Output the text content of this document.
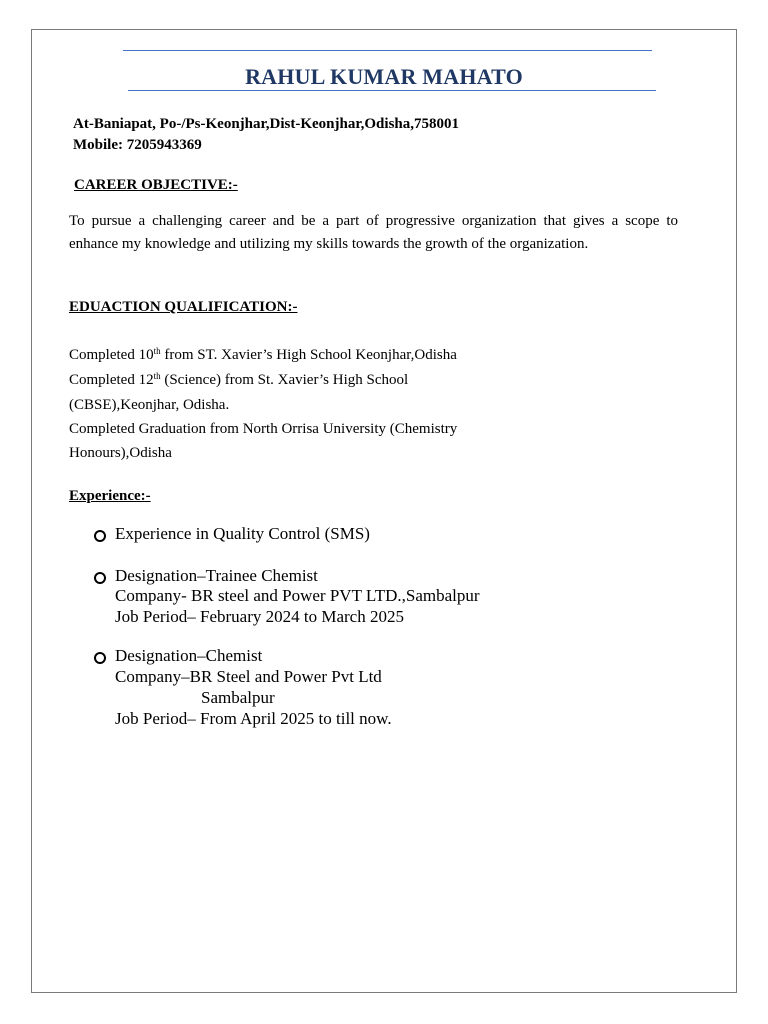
RAHUL KUMAR MAHATO
At-Baniapat, Po-/Ps-Keonjhar,Dist-Keonjhar,Odisha,758001
Mobile: 7205943369
CAREER OBJECTIVE:-
To pursue a challenging career and be a part of progressive organization that gives a scope to enhance my knowledge and utilizing my skills towards the growth of the organization.
EDUACTION QUALIFICATION:-
Completed 10th from ST. Xavier’s High School Keonjhar,Odisha
Completed 12th (Science) from St. Xavier’s High School
(CBSE),Keonjhar, Odisha.
Completed Graduation from North Orrisa University (Chemistry
Honours),Odisha
Experience:-
Experience in Quality Control (SMS)
Designation–Trainee Chemist
Company- BR steel and Power PVT LTD.,Sambalpur
Job Period– February 2024 to March 2025
Designation–Chemist
Company–BR Steel and Power Pvt Ltd
Sambalpur
Job Period– From April 2025 to till now.
